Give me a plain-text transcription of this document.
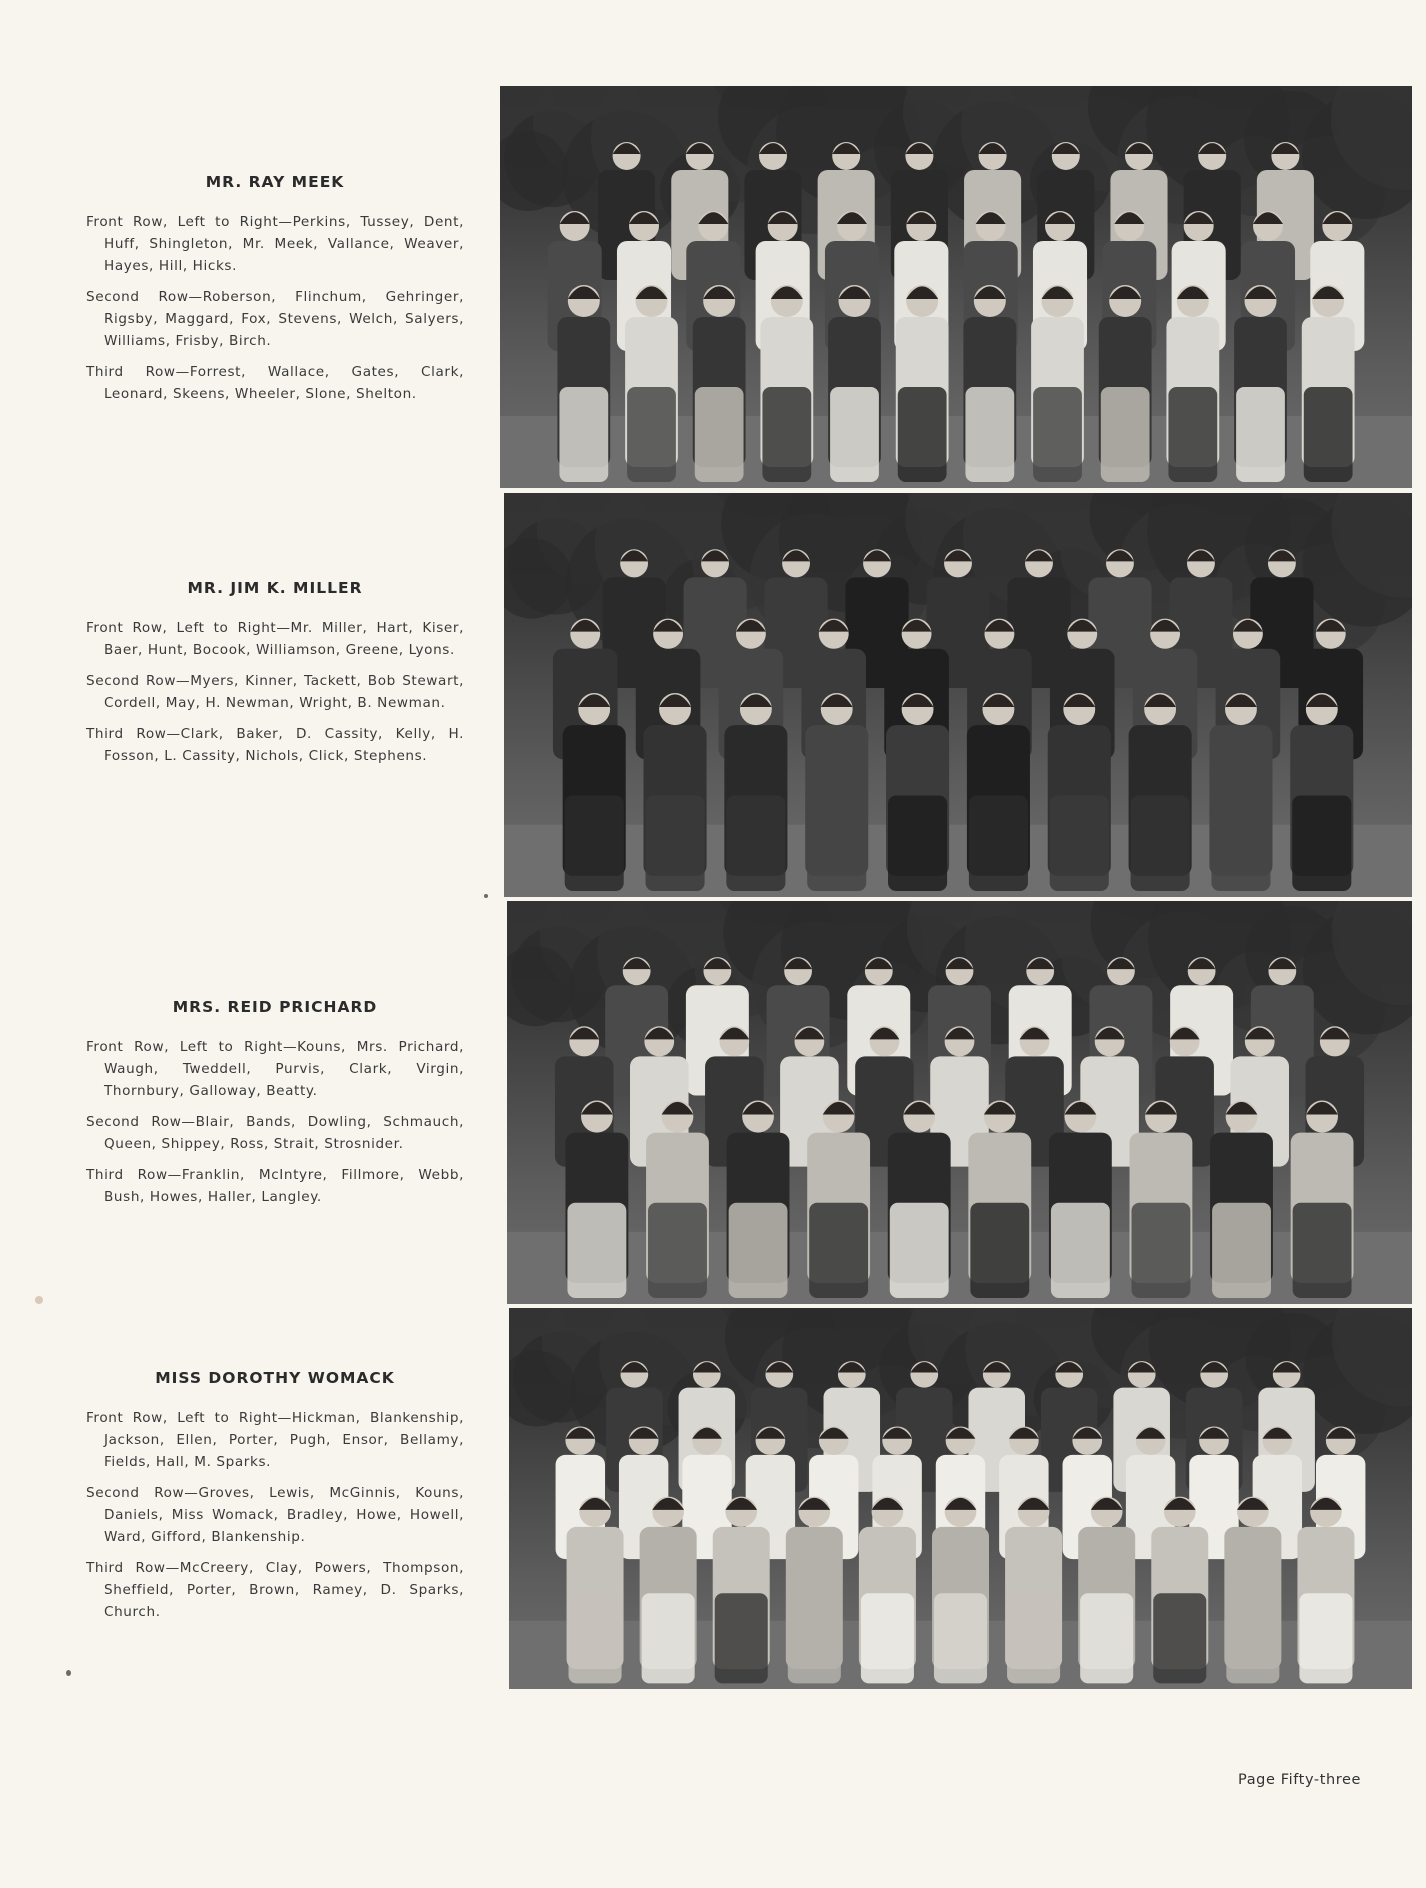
MR. RAY MEEK

Front Row, Left to Right—Perkins, Tussey, Dent, Huff, Shingleton, Mr. Meek, Vallance, Weaver, Hayes, Hill, Hicks.

Second Row—Roberson, Flinchum, Gehringer, Rigsby, Maggard, Fox, Stevens, Welch, Salyers, Williams, Frisby, Birch.

Third Row—Forrest, Wallace, Gates, Clark, Leonard, Skeens, Wheeler, Slone, Shelton.

MR. JIM K. MILLER

Front Row, Left to Right—Mr. Miller, Hart, Kiser, Baer, Hunt, Bocook, Williamson, Greene, Lyons.

Second Row—Myers, Kinner, Tackett, Bob Stewart, Cordell, May, H. Newman, Wright, B. Newman.

Third Row—Clark, Baker, D. Cassity, Kelly, H. Fosson, L. Cassity, Nichols, Click, Stephens.

MRS. REID PRICHARD

Front Row, Left to Right—Kouns, Mrs. Prichard, Waugh, Tweddell, Purvis, Clark, Virgin, Thornbury, Galloway, Beatty.

Second Row—Blair, Bands, Dowling, Schmauch, Queen, Shippey, Ross, Strait, Strosnider.

Third Row—Franklin, McIntyre, Fillmore, Webb, Bush, Howes, Haller, Langley.

MISS DOROTHY WOMACK

Front Row, Left to Right—Hickman, Blankenship, Jackson, Ellen, Porter, Pugh, Ensor, Bellamy, Fields, Hall, M. Sparks.

Second Row—Groves, Lewis, McGinnis, Kouns, Daniels, Miss Womack, Bradley, Howe, Howell, Ward, Gifford, Blankenship.

Third Row—McCreery, Clay, Powers, Thompson, Sheffield, Porter, Brown, Ramey, D. Sparks, Church.

Page Fifty-three
